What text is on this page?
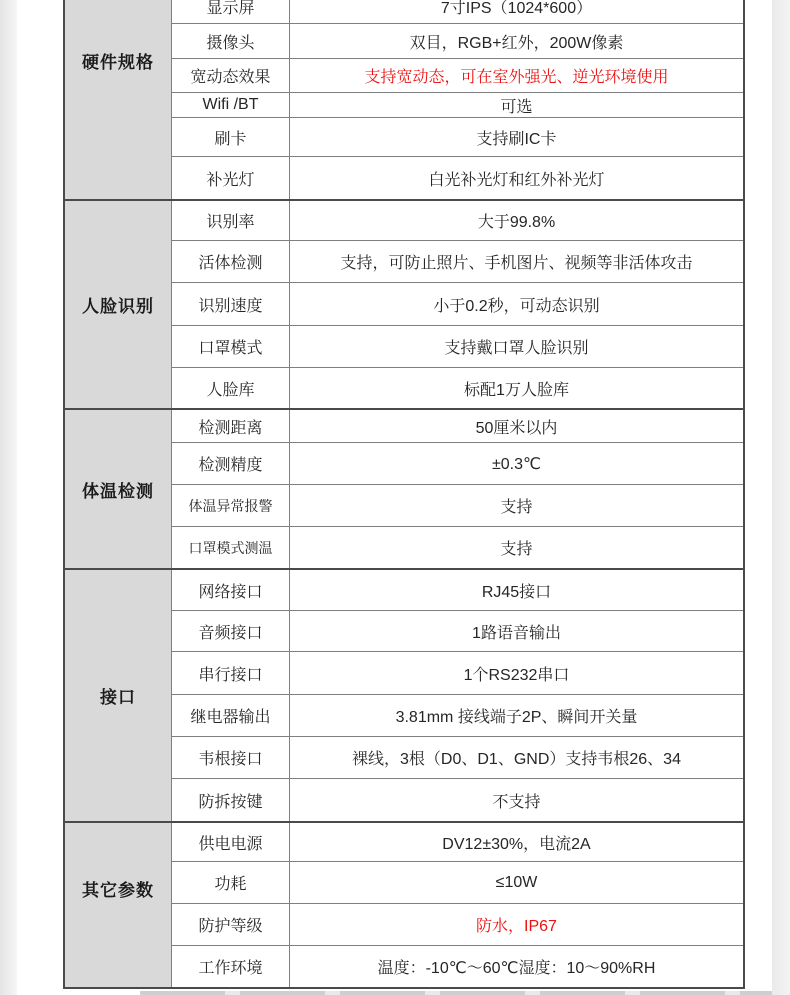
硬件规格
显示屏	7寸IPS（1024*600）
摄像头	双目，RGB+红外，200W像素
宽动态效果	支持宽动态，可在室外强光、逆光环境使用
Wifi /BT	可选
刷卡	支持刷IC卡
补光灯	白光补光灯和红外补光灯
人脸识别
识别率	大于99.8%
活体检测	支持，可防止照片、手机图片、视频等非活体攻击
识别速度	小于0.2秒，可动态识别
口罩模式	支持戴口罩人脸识别
人脸库	标配1万人脸库
体温检测
检测距离	50厘米以内
检测精度	±0.3℃
体温异常报警	支持
口罩模式测温	支持
接口
网络接口	RJ45接口
音频接口	1路语音输出
串行接口	1个RS232串口
继电器输出	3.81mm 接线端子2P、瞬间开关量
韦根接口	裸线，3根（D0、D1、GND）支持韦根26、34
防拆按键	不支持
其它参数
供电电源	DV12±30%，电流2A
功耗	≤10W
防护等级	防水，IP67
工作环境	温度：-10℃～60℃湿度：10～90%RH
